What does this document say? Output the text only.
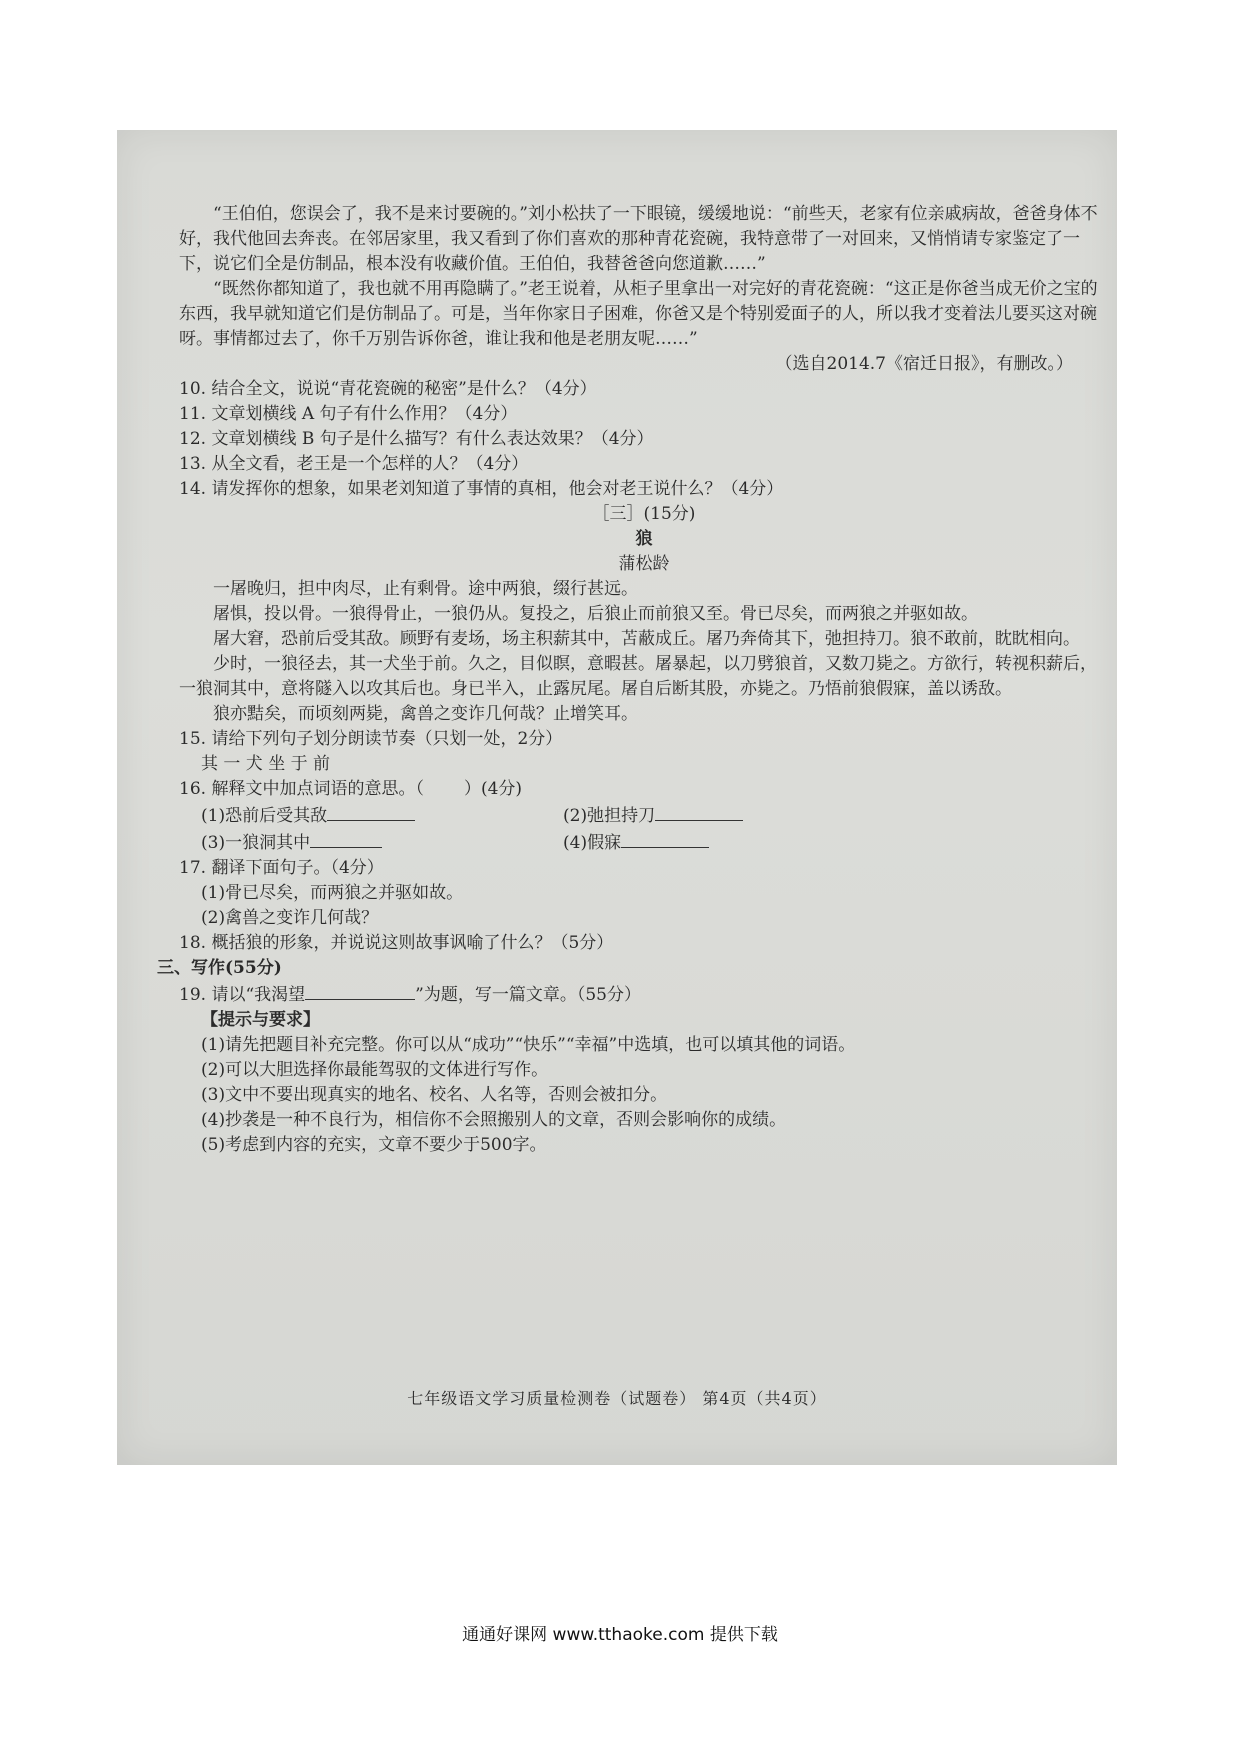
“王伯伯，您误会了，我不是来讨要碗的。”刘小松扶了一下眼镜，缓缓地说：“前些天，老家有位亲戚病故，爸爸身体不好，我代他回去奔丧。在邻居家里，我又看到了你们喜欢的那种青花瓷碗，我特意带了一对回来，又悄悄请专家鉴定了一下，说它们全是仿制品，根本没有收藏价值。王伯伯，我替爸爸向您道歉……”
“既然你都知道了，我也就不用再隐瞒了。”老王说着，从柜子里拿出一对完好的青花瓷碗：“这正是你爸当成无价之宝的东西，我早就知道它们是仿制品了。可是，当年你家日子困难，你爸又是个特别爱面子的人，所以我才变着法儿要买这对碗呀。事情都过去了，你千万别告诉你爸，谁让我和他是老朋友呢……”
（选自2014.7《宿迁日报》，有删改。）
10. 结合全文，说说“青花瓷碗的秘密”是什么？（4分）
11. 文章划横线 A 句子有什么作用？（4分）
12. 文章划横线 B 句子是什么描写？有什么表达效果？（4分）
13. 从全文看，老王是一个怎样的人？（4分）
14. 请发挥你的想象，如果老刘知道了事情的真相，他会对老王说什么？（4分）
［三］(15分)
狼
蒲松龄
一屠晚归，担中肉尽，止有剩骨。途中两狼，缀行甚远。
屠惧，投以骨。一狼得骨止，一狼仍从。复投之，后狼止而前狼又至。骨已尽矣，而两狼之并驱如故。
屠大窘，恐前后受其敌。顾野有麦场，场主积薪其中，苫蔽成丘。屠乃奔倚其下，弛担持刀。狼不敢前，眈眈相向。
少时，一狼径去，其一犬坐于前。久之，目似瞑，意暇甚。屠暴起，以刀劈狼首，又数刀毙之。方欲行，转视积薪后，一狼洞其中，意将隧入以攻其后也。身已半入，止露尻尾。屠自后断其股，亦毙之。乃悟前狼假寐，盖以诱敌。
狼亦黠矣，而顷刻两毙，禽兽之变诈几何哉？止增笑耳。
15. 请给下列句子划分朗读节奏（只划一处，2分）
其 一 犬 坐 于 前
16. 解释文中加点词语的意思。（ ）(4分)
(1)恐前后受其敌	(2)弛担持刀
(3)一狼洞其中	(4)假寐
17. 翻译下面句子。（4分）
(1)骨已尽矣，而两狼之并驱如故。
(2)禽兽之变诈几何哉？
18. 概括狼的形象，并说说这则故事讽喻了什么？（5分）
三、写作(55分)
19. 请以“我渴望	”为题，写一篇文章。（55分）
【提示与要求】
(1)请先把题目补充完整。你可以从“成功”“快乐”“幸福”中选填，也可以填其他的词语。
(2)可以大胆选择你最能驾驭的文体进行写作。
(3)文中不要出现真实的地名、校名、人名等，否则会被扣分。
(4)抄袭是一种不良行为，相信你不会照搬别人的文章，否则会影响你的成绩。
(5)考虑到内容的充实，文章不要少于500字。
七年级语文学习质量检测卷（试题卷） 第4页（共4页）
通通好课网 www.tthaoke.com 提供下载
